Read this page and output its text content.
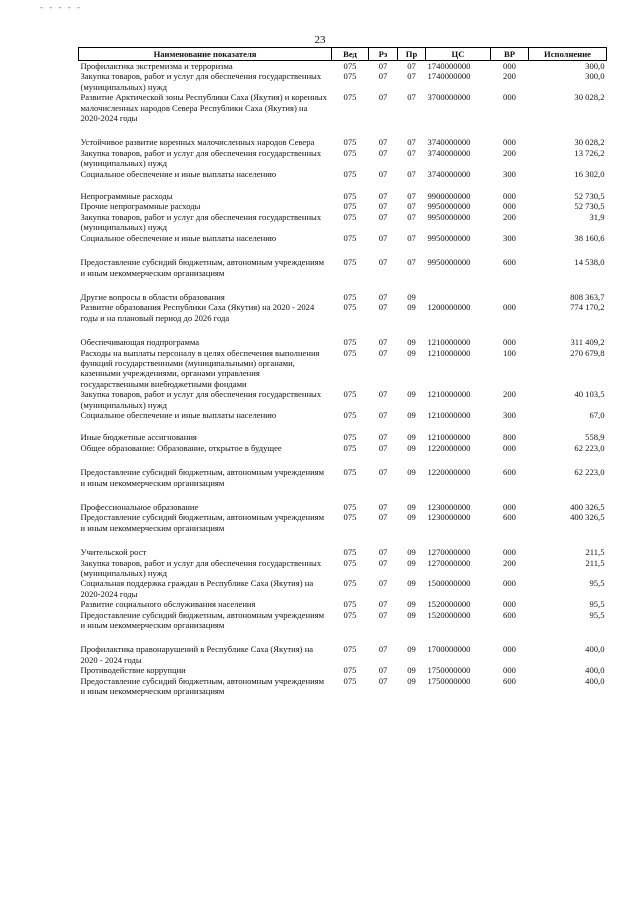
- - - - -
23
Наименование показателя	Вед	Рз	Пр	ЦС	ВР	Исполнение
Профилактика экстремизма и терроризма	075	07	07	1740000000	000	300,0
Закупка товаров, работ и услуг для обеспечения государственных (муниципальных) нужд	075	07	07	1740000000	200	300,0
Развитие Арктической зоны Республики Саха (Якутия) и коренных малочисленных народов Севера Республики Саха (Якутия) на 2020-2024 годы	075	07	07	3700000000	000	30 028,2
Устойчивое развитие коренных малочисленных народов Севера	075	07	07	3740000000	000	30 028,2
Закупка товаров, работ и услуг для обеспечения государственных (муниципальных) нужд	075	07	07	3740000000	200	13 726,2
Социальное обеспечение и иные выплаты населению	075	07	07	3740000000	300	16 302,0
Непрограммные расходы	075	07	07	9900000000	000	52 730,5
Прочие непрограммные расходы	075	07	07	9950000000	000	52 730,5
Закупка товаров, работ и услуг для обеспечения государственных (муниципальных) нужд	075	07	07	9950000000	200	31,9
Социальное обеспечение и иные выплаты населению	075	07	07	9950000000	300	38 160,6
Предоставление субсидий бюджетным, автономным учреждениям и иным некоммерческим организациям	075	07	07	9950000000	600	14 538,0
Другие вопросы в области образования	075	07	09			808 363,7
Развитие образования Республики Саха (Якутия) на 2020 - 2024 годы и на плановый период до 2026 года	075	07	09	1200000000	000	774 170,2
Обеспечивающая подпрограмма	075	07	09	1210000000	000	311 409,2
Расходы на выплаты персоналу в целях обеспечения выполнения функций государственными (муниципальными) органами, казенными учреждениями, органами управления государственными внебюджетными фондами	075	07	09	1210000000	100	270 679,8
Закупка товаров, работ и услуг для обеспечения государственных (муниципальных) нужд	075	07	09	1210000000	200	40 103,5
Социальное обеспечение и иные выплаты населению	075	07	09	1210000000	300	67,0
Иные бюджетные ассигнования	075	07	09	1210000000	800	558,9
Общее образование: Образование, открытое в будущее	075	07	09	1220000000	000	62 223,0
Предоставление субсидий бюджетным, автономным учреждениям и иным некоммерческим организациям	075	07	09	1220000000	600	62 223,0
Профессиональное образование	075	07	09	1230000000	000	400 326,5
Предоставление субсидий бюджетным, автономным учреждениям и иным некоммерческим организациям	075	07	09	1230000000	600	400 326,5
Учительской рост	075	07	09	1270000000	000	211,5
Закупка товаров, работ и услуг для обеспечения государственных (муниципальных) нужд	075	07	09	1270000000	200	211,5
Социальная поддержка граждан в Республике Саха (Якутия) на 2020-2024 годы	075	07	09	1500000000	000	95,5
Развитие социального обслуживания населения	075	07	09	1520000000	000	95,5
Предоставление субсидий бюджетным, автономным учреждениям и иным некоммерческим организациям	075	07	09	1520000000	600	95,5
Профилактика правонарушений в Республике Саха (Якутия) на 2020 - 2024 годы	075	07	09	1700000000	000	400,0
Противодействие коррупции	075	07	09	1750000000	000	400,0
Предоставление субсидий бюджетным, автономным учреждениям и иным некоммерческим организациям	075	07	09	1750000000	600	400,0
